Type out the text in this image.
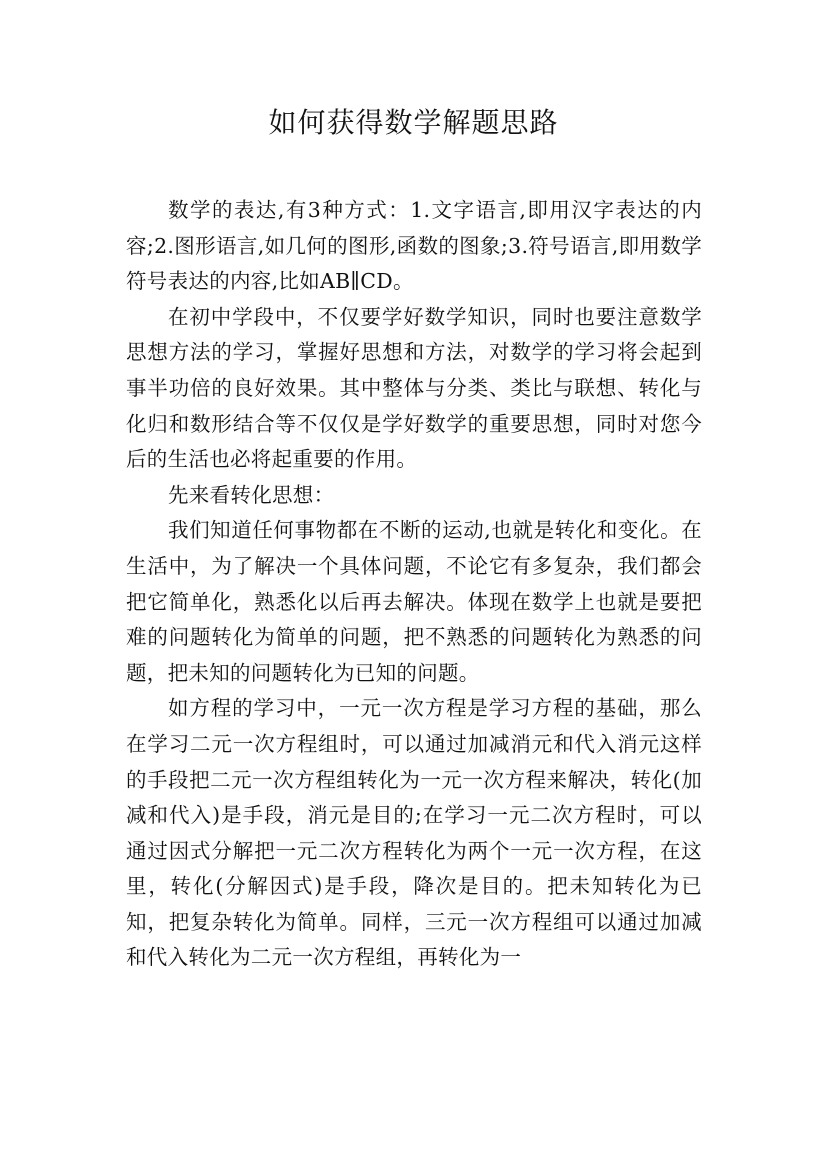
如何获得数学解题思路

数学的表达,有3种方式：1.文字语言,即用汉字表达的内容;2.图形语言,如几何的图形,函数的图象;3.符号语言,即用数学符号表达的内容,比如AB∥CD。

在初中学段中，不仅要学好数学知识，同时也要注意数学思想方法的学习，掌握好思想和方法，对数学的学习将会起到事半功倍的良好效果。其中整体与分类、类比与联想、转化与化归和数形结合等不仅仅是学好数学的重要思想，同时对您今后的生活也必将起重要的作用。

先来看转化思想：

我们知道任何事物都在不断的运动,也就是转化和变化。在生活中，为了解决一个具体问题，不论它有多复杂，我们都会把它简单化，熟悉化以后再去解决。体现在数学上也就是要把难的问题转化为简单的问题，把不熟悉的问题转化为熟悉的问题，把未知的问题转化为已知的问题。

如方程的学习中，一元一次方程是学习方程的基础，那么在学习二元一次方程组时，可以通过加减消元和代入消元这样的手段把二元一次方程组转化为一元一次方程来解决，转化(加减和代入)是手段，消元是目的;在学习一元二次方程时，可以通过因式分解把一元二次方程转化为两个一元一次方程，在这里，转化(分解因式)是手段，降次是目的。把未知转化为已知，把复杂转化为简单。同样，三元一次方程组可以通过加减和代入转化为二元一次方程组，再转化为一
